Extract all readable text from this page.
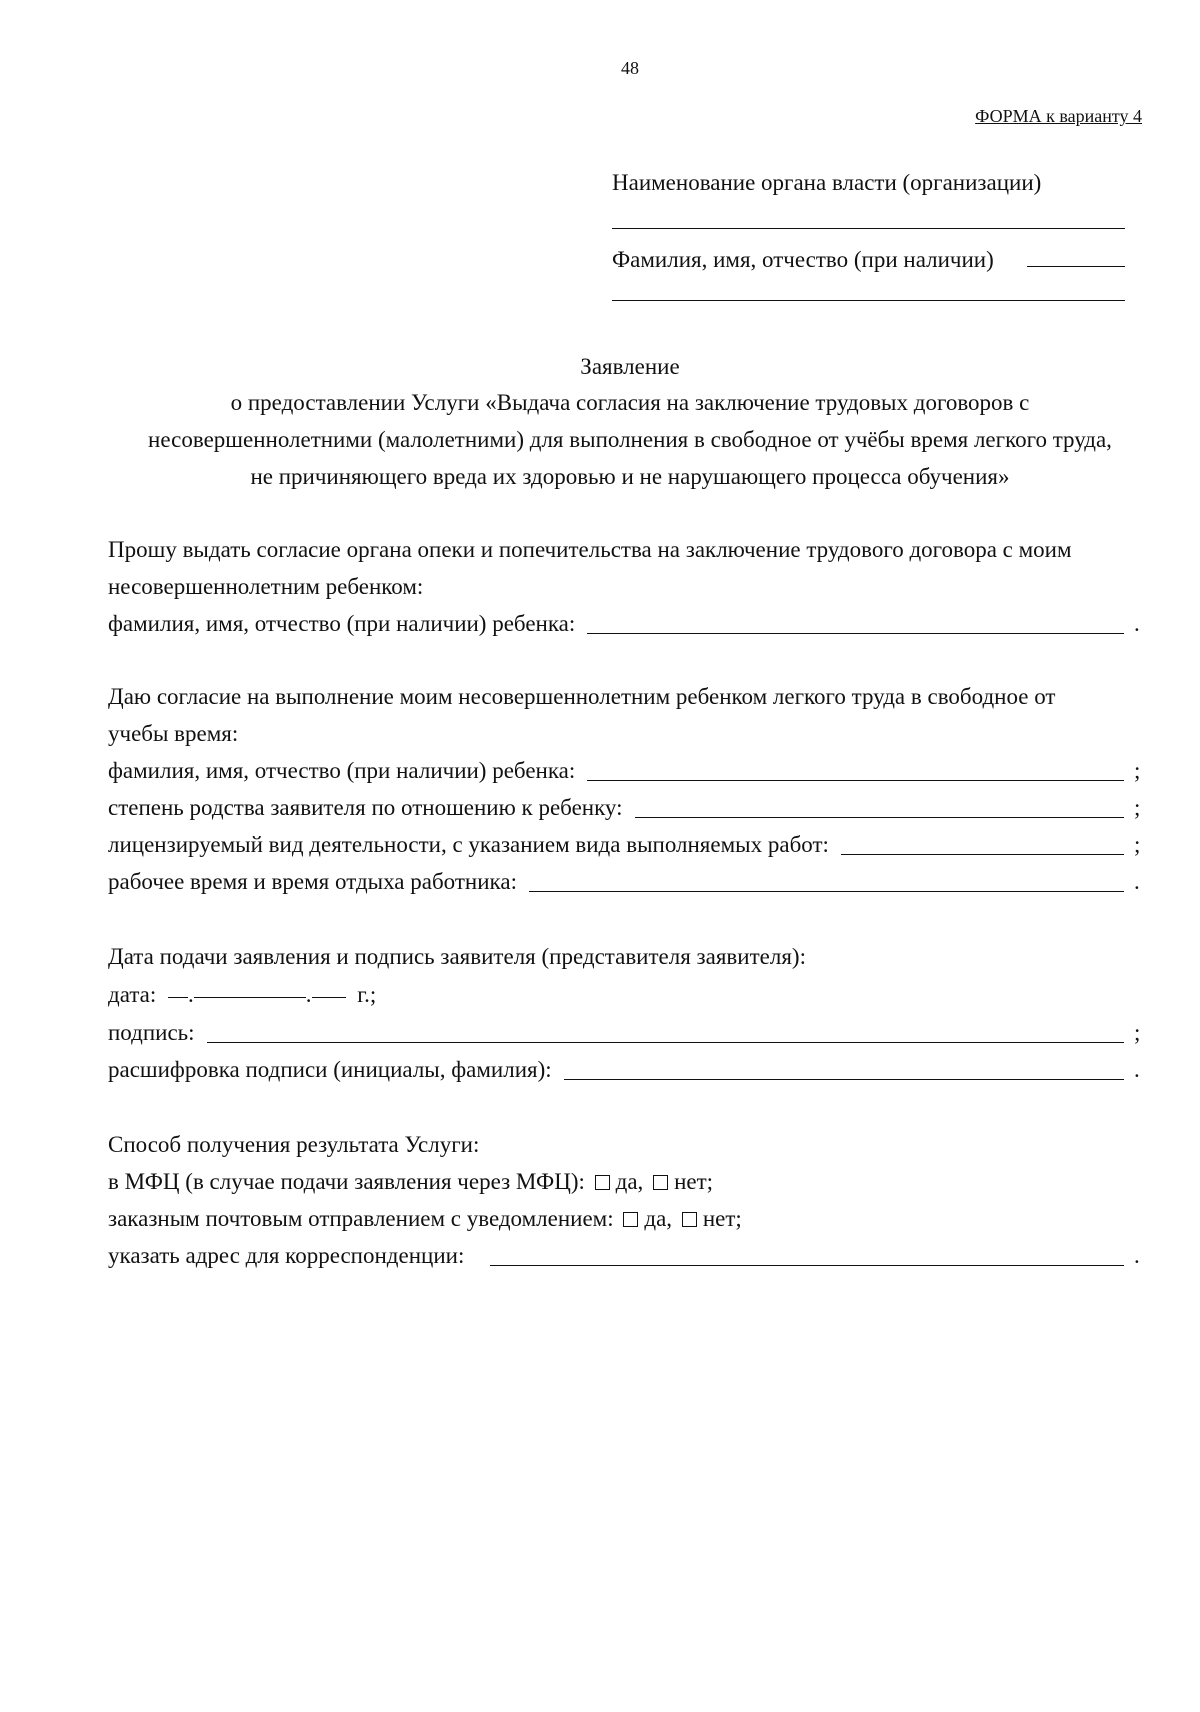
48
ФОРМА к варианту 4
Наименование органа власти (организации)
Фамилия, имя, отчество (при наличии)
Заявление
о предоставлении Услуги «Выдача согласия на заключение трудовых договоров с
несовершеннолетними (малолетними) для выполнения в свободное от учёбы время легкого труда,
не причиняющего вреда их здоровью и не нарушающего процесса обучения»
Прошу выдать согласие органа опеки и попечительства на заключение трудового договора с моим
несовершеннолетним ребенком:
фамилия, имя, отчество (при наличии) ребенка:	.
Даю согласие на выполнение моим несовершеннолетним ребенком легкого труда в свободное от
учебы время:
фамилия, имя, отчество (при наличии) ребенка:	;
степень родства заявителя по отношению к ребенку:	;
лицензируемый вид деятельности, с указанием вида выполняемых работ:	;
рабочее время и время отдыха работника:	.
Дата подачи заявления и подпись заявителя (представителя заявителя):
дата: .	. г.;
подпись:	;
расшифровка подписи (инициалы, фамилия):	.
Способ получения результата Услуги:
в МФЦ (в случае подачи заявления через МФЦ): да, нет;
заказным почтовым отправлением с уведомлением: да, нет;
указать адрес для корреспонденции:	.
